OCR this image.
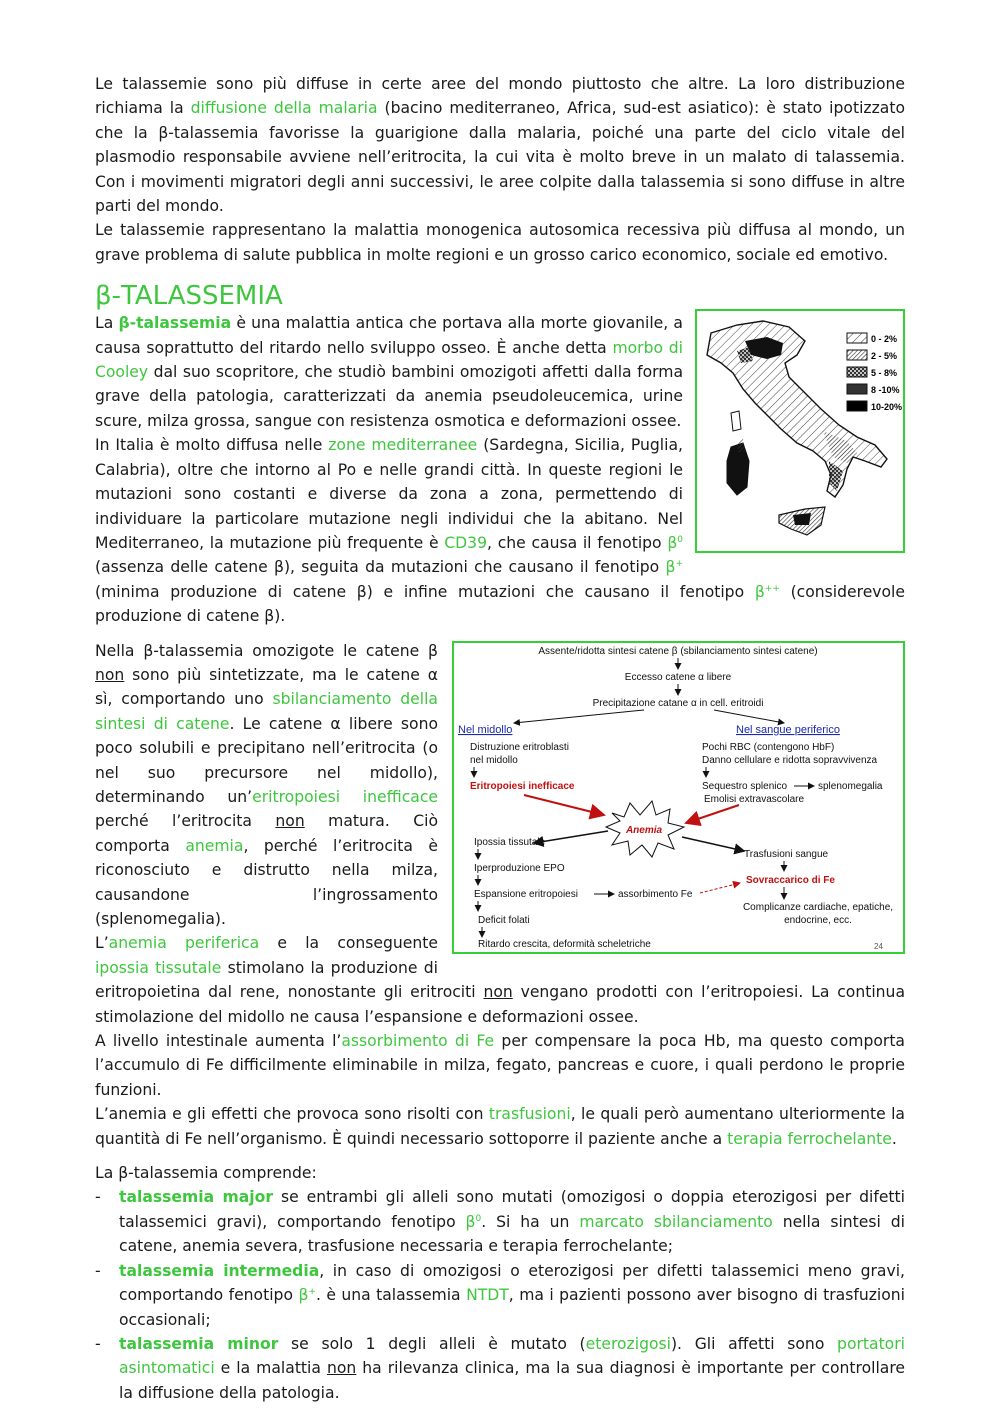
Le talassemie sono più diffuse in certe aree del mondo piuttosto che altre. La loro distribuzione richiama la diffusione della malaria (bacino mediterraneo, Africa, sud-est asiatico): è stato ipotizzato che la β-talassemia favorisse la guarigione dalla malaria, poiché una parte del ciclo vitale del plasmodio responsabile avviene nell’eritrocita, la cui vita è molto breve in un malato di talassemia. Con i movimenti migratori degli anni successivi, le aree colpite dalla talassemia si sono diffuse in altre parti del mondo.

Le talassemie rappresentano la malattia monogenica autosomica recessiva più diffusa al mondo, un grave problema di salute pubblica in molte regioni e un grosso carico economico, sociale ed emotivo.

β-TALASSEMIA
0 - 2%
2 - 5%
5 - 8%
8 -10%
10-20%

La β-talassemia è una malattia antica che portava alla morte giovanile, a causa soprattutto del ritardo nello sviluppo osseo. È anche detta morbo di Cooley dal suo scopritore, che studiò bambini omozigoti affetti dalla forma grave della patologia, caratterizzati da anemia pseudoleucemica, urine scure, milza grossa, sangue con resistenza osmotica e deformazioni ossee.

In Italia è molto diffusa nelle zone mediterranee (Sardegna, Sicilia, Puglia, Calabria), oltre che intorno al Po e nelle grandi città. In queste regioni le mutazioni sono costanti e diverse da zona a zona, permettendo di individuare la particolare mutazione negli individui che la abitano. Nel Mediterraneo, la mutazione più frequente è CD39, che causa il fenotipo $\beta^0$ (assenza delle catene β), seguita da mutazioni che causano il fenotipo β+ (minima produzione di catene β) e infine mutazioni che causano il fenotipo β++ (considerevole produzione di catene β).

Assente/ridotta sintesi catene β (sbilanciamento sintesi catene)
Eccesso catene α libere
Precipitazione catane α in cell. eritroidi
Nel midollo	Nel sangue periferico
Distruzione eritroblasti
nel midollo
Eritropoiesi inefficace
Pochi RBC (contengono HbF)
Danno cellulare e ridotta sopravvivenza
Sequestro splenico	splenomegalia
Emolisi extravascolare
Anemia
Ipossia tissutale
Iperproduzione EPO
Espansione eritropoiesi	assorbimento Fe
Deficit folati
Ritardo crescita, deformità scheletriche
Trasfusioni sangue
Sovraccarico di Fe
Complicanze cardiache, epatiche,
endocrine, ecc.
24

Nella β-talassemia omozigote le catene β non sono più sintetizzate, ma le catene α sì, comportando uno sbilanciamento della sintesi di catene. Le catene α libere sono poco solubili e precipitano nell’eritrocita (o nel suo precursore nel midollo), determinando un’eritropoiesi inefficace perché l’eritrocita non matura. Ciò comporta anemia, perché l’eritrocita è riconosciuto e distrutto nella milza, causandone l’ingrossamento (splenomegalia).

L’anemia periferica e la conseguente ipossia tissutale stimolano la produzione di eritropoietina dal rene, nonostante gli eritrociti non vengano prodotti con l’eritropoiesi. La continua stimolazione del midollo ne causa l’espansione e deformazioni ossee.

A livello intestinale aumenta l’assorbimento di Fe per compensare la poca Hb, ma questo comporta l’accumulo di Fe difficilmente eliminabile in milza, fegato, pancreas e cuore, i quali perdono le proprie funzioni.

L’anemia e gli effetti che provoca sono risolti con trasfusioni, le quali però aumentano ulteriormente la quantità di Fe nell’organismo. È quindi necessario sottoporre il paziente anche a terapia ferrochelante.

La β-talassemia comprende:

- talassemia major se entrambi gli alleli sono mutati (omozigosi o doppia eterozigosi per difetti talassemici gravi), comportando fenotipo $\beta^0$. Si ha un marcato sbilanciamento nella sintesi di catene, anemia severa, trasfusione necessaria e terapia ferrochelante;
- talassemia intermedia, in caso di omozigosi o eterozigosi per difetti talassemici meno gravi, comportando fenotipo β+. è una talassemia NTDT, ma i pazienti possono aver bisogno di trasfuzioni occasionali;
- talassemia minor se solo 1 degli alleli è mutato (eterozigosi). Gli affetti sono portatori asintomatici e la malattia non ha rilevanza clinica, ma la sua diagnosi è importante per controllare la diffusione della patologia.
